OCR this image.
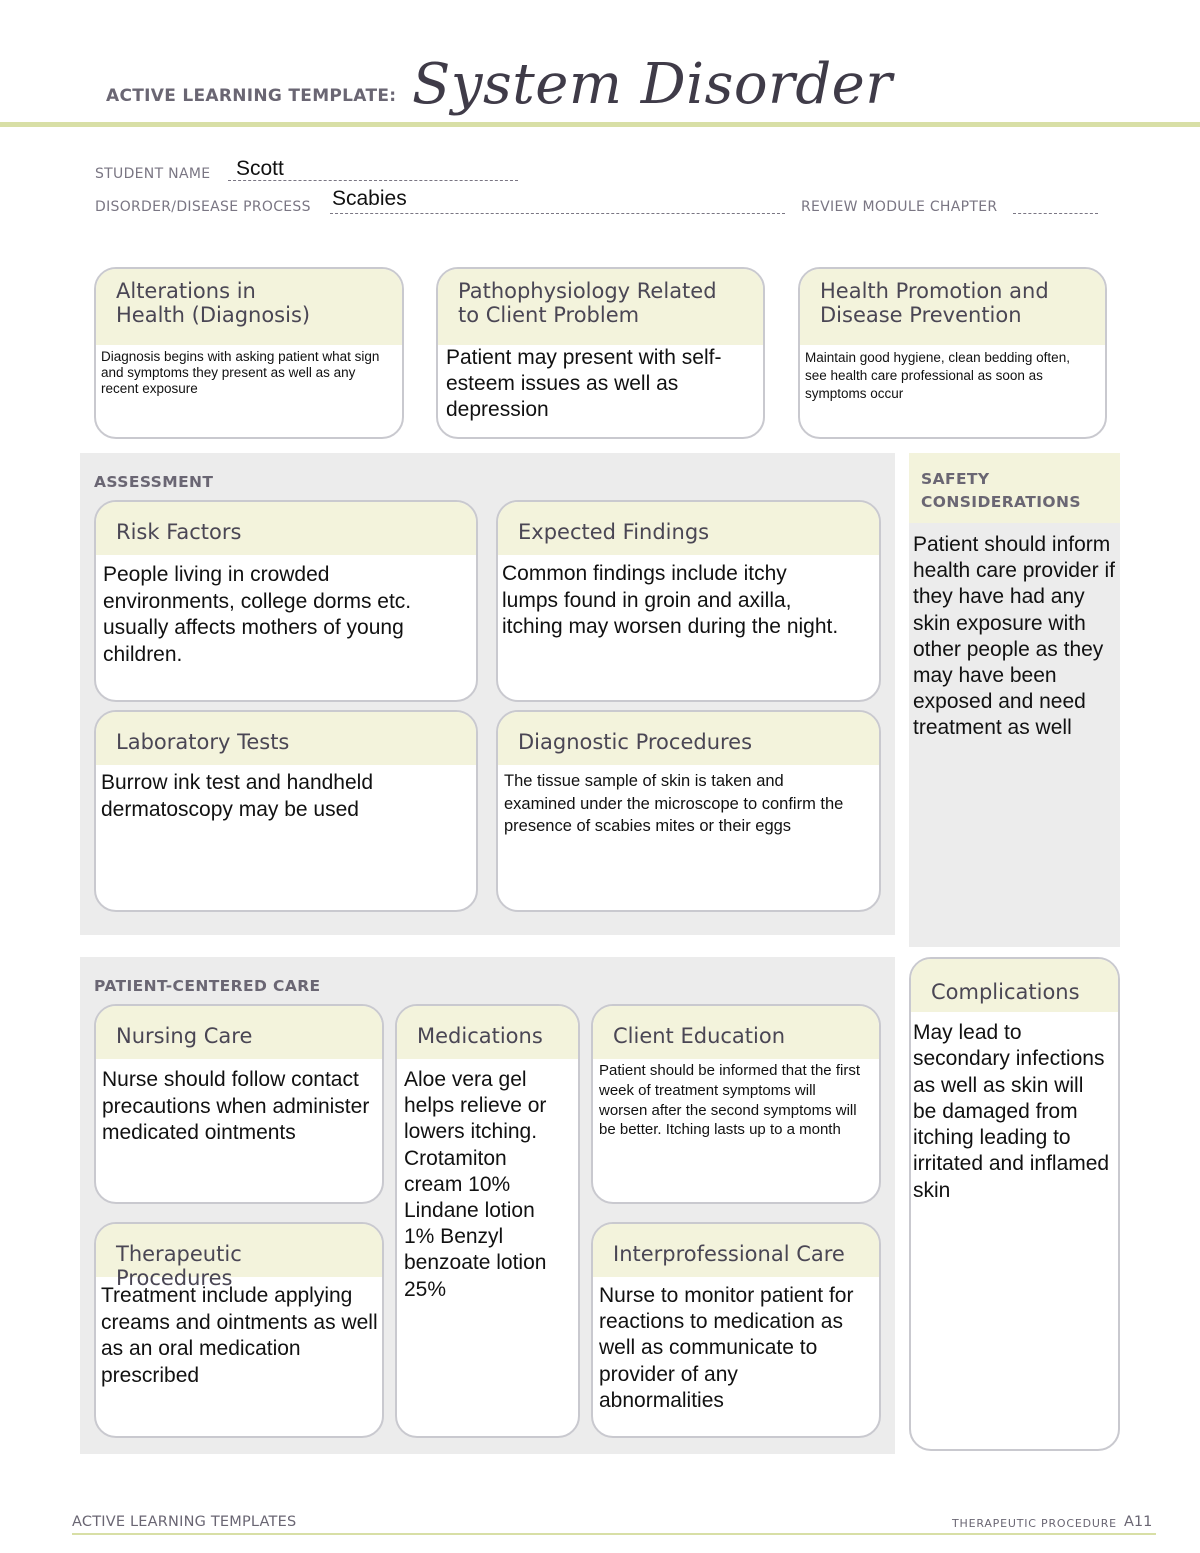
ACTIVE LEARNING TEMPLATE: System Disorder
STUDENT NAME Scott
DISORDER/DISEASE PROCESS Scabies	REVIEW MODULE CHAPTER
Alterations in
Health (Diagnosis)
Diagnosis begins with asking patient what sign and symptoms they present as well as any recent exposure
Pathophysiology Related
to Client Problem
Patient may present with self-esteem issues as well as depression
Health Promotion and
Disease Prevention
Maintain good hygiene, clean bedding often, see health care professional as soon as symptoms occur
ASSESSMENT
Risk Factors
People living in crowded environments, college dorms etc. usually affects mothers of young children.
Expected Findings
Common findings include itchy lumps found in groin and axilla, itching may worsen during the night.
Laboratory Tests
Burrow ink test and handheld dermatoscopy may be used
Diagnostic Procedures
The tissue sample of skin is taken and examined under the microscope to confirm the presence of scabies mites or their eggs
SAFETY
CONSIDERATIONS
Patient should inform health care provider if they have had any skin exposure with other people as they may have been exposed and need treatment as well
PATIENT-CENTERED CARE
Nursing Care
Nurse should follow contact precautions when administer medicated ointments
Medications
Aloe vera gel helps relieve or lowers itching. Crotamiton cream 10% Lindane lotion 1% Benzyl benzoate lotion 25%
Client Education
Patient should be informed that the first week of treatment symptoms will worsen after the second symptoms will be better. Itching lasts up to a month
Therapeutic Procedures
Treatment include applying creams and ointments as well as an oral medication prescribed
Interprofessional Care
Nurse to monitor patient for reactions to medication as well as communicate to provider of any abnormalities
Complications
May lead to secondary infections as well as skin will be damaged from itching leading to irritated and inflamed skin
ACTIVE LEARNING TEMPLATES	THERAPEUTIC PROCEDURE A11
